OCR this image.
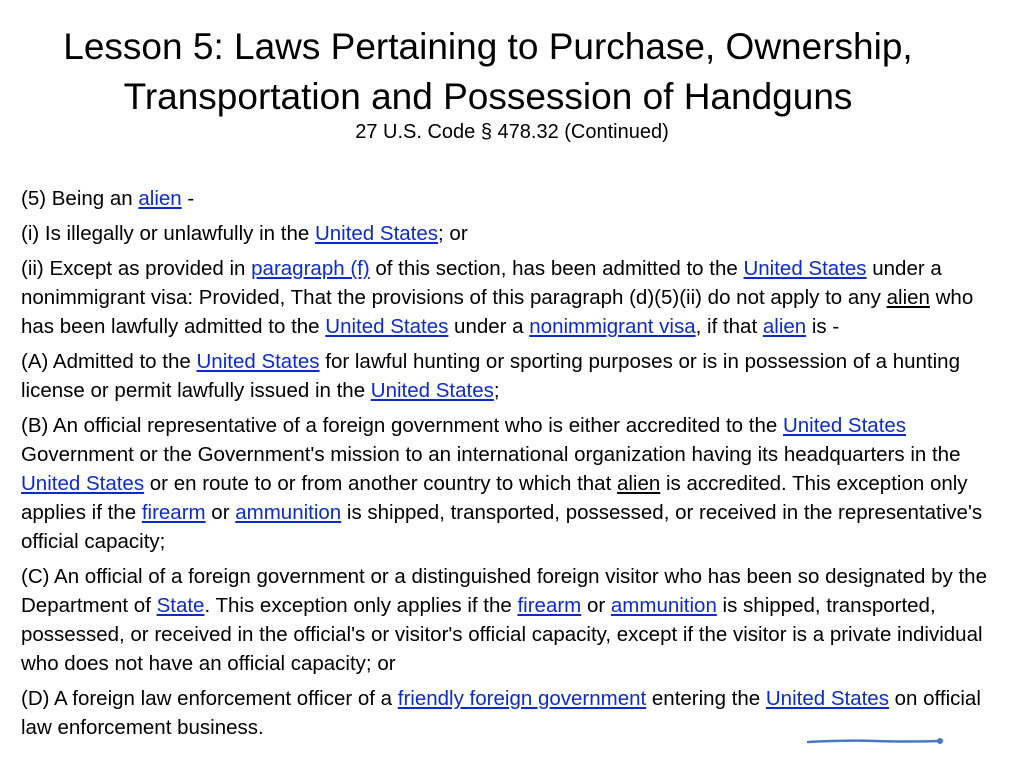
Lesson 5: Laws Pertaining to Purchase, Ownership,
Transportation and Possession of Handguns
27 U.S. Code § 478.32 (Continued)

(5) Being an alien -

(i) Is illegally or unlawfully in the United States; or

(ii) Except as provided in paragraph (f) of this section, has been admitted to the United States under a nonimmigrant visa: Provided, That the provisions of this paragraph (d)(5)(ii) do not apply to any alien who has been lawfully admitted to the United States under a nonimmigrant visa, if that alien is -

(A) Admitted to the United States for lawful hunting or sporting purposes or is in possession of a hunting license or permit lawfully issued in the United States;

(B) An official representative of a foreign government who is either accredited to the United States Government or the Government's mission to an international organization having its headquarters in the United States or en route to or from another country to which that alien is accredited. This exception only applies if the firearm or ammunition is shipped, transported, possessed, or received in the representative's official capacity;

(C) An official of a foreign government or a distinguished foreign visitor who has been so designated by the Department of State. This exception only applies if the firearm or ammunition is shipped, transported, possessed, or received in the official's or visitor's official capacity, except if the visitor is a private individual who does not have an official capacity; or

(D) A foreign law enforcement officer of a friendly foreign government entering the United States on official law enforcement business.
